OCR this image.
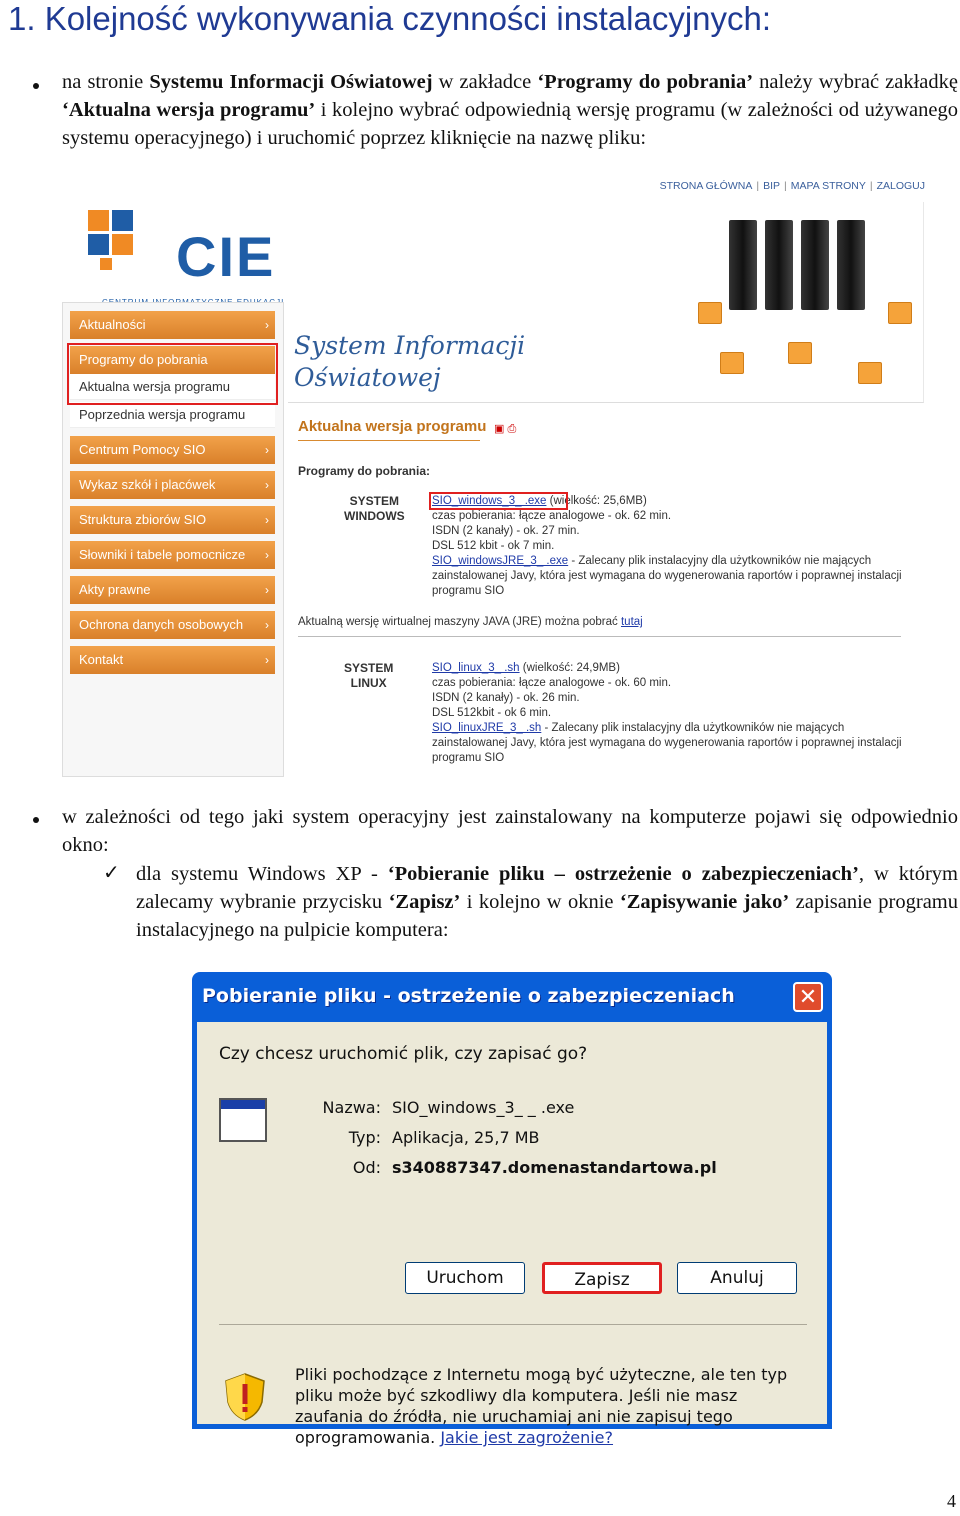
1. Kolejność wykonywania czynności instalacyjnych:
na stronie Systemu Informacji Oświatowej w zakładce ‘Programy do pobrania’ należy wybrać zakładkę ‘Aktualna wersja programu’ i kolejno wybrać odpowiednią wersję programu (w zależności od używanego systemu operacyjnego) i uruchomić poprzez kliknięcie na nazwę pliku:
STRONA GŁÓWNA | BIP | MAPA STRONY | ZALOGUJ
CIE
System Informacji
Oświatowej
Aktualności	›
Programy do pobrania
Aktualna wersja programu
Poprzednia wersja programu
Centrum Pomocy SIO	›
Wykaz szkół i placówek	›
Struktura zbiorów SIO	›
Słowniki i tabele pomocnicze ›
Akty prawne	›
Ochrona danych osobowych ›
Kontakt	›
Aktualna wersja programu ▣ ⎙
Programy do pobrania:
SYSTEM
WINDOWS
SIO_windows_3_ .exe (wielkość: 25,6MB)
czas pobierania: łącze analogowe - ok. 62 min.
ISDN (2 kanały) - ok. 27 min.
DSL 512 kbit - ok 7 min.
SIO_windowsJRE_3_ .exe - Zalecany plik instalacyjny dla użytkowników nie mających
zainstalowanej Javy, która jest wymagana do wygenerowania raportów i poprawnej instalacji
programu SIO
Aktualną wersję wirtualnej maszyny JAVA (JRE) można pobrać tutaj
SYSTEM
LINUX
SIO_linux_3_ .sh (wielkość: 24,9MB)
czas pobierania: łącze analogowe - ok. 60 min.
ISDN (2 kanały) - ok. 26 min.
DSL 512kbit - ok 6 min.
SIO_linuxJRE_3_ .sh - Zalecany plik instalacyjny dla użytkowników nie mających
zainstalowanej Javy, która jest wymagana do wygenerowania raportów i poprawnej instalacji
programu SIO
w zależności od tego jaki system operacyjny jest zainstalowany na komputerze pojawi się odpowiednio okno:
✓ dla systemu Windows XP - ‘Pobieranie pliku – ostrzeżenie o zabezpieczeniach’, w którym zalecamy wybranie przycisku ‘Zapisz’ i kolejno w oknie ‘Zapisywanie jako’ zapisanie programu instalacyjnego na pulpicie komputera:
Pobieranie pliku - ostrzeżenie o zabezpieczeniach	✕
Czy chcesz uruchomić plik, czy zapisać go?
Nazwa: SIO_windows_3_ _ .exe
Typ: Aplikacja, 25,7 MB
Od: s340887347.domenastandartowa.pl
Uruchom	Zapisz	Anuluj
Pliki pochodzące z Internetu mogą być użyteczne, ale ten typ pliku może być szkodliwy dla komputera. Jeśli nie masz zaufania do źródła, nie uruchamiaj ani nie zapisuj tego oprogramowania. Jakie jest zagrożenie?
4
